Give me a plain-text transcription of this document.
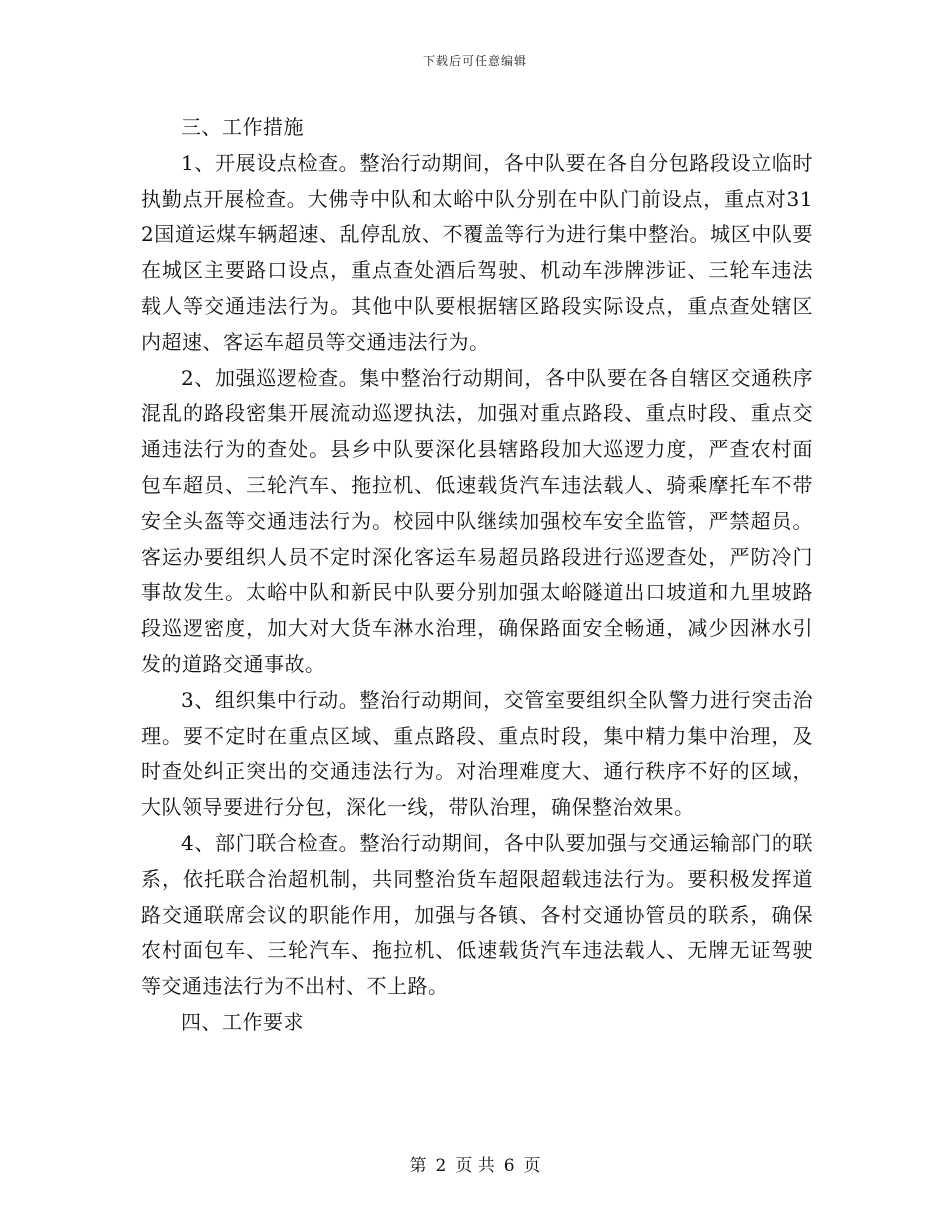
下载后可任意编辑

三、工作措施

1、开展设点检查。整治行动期间，各中队要在各自分包路段设立临时执勤点开展检查。大佛寺中队和太峪中队分别在中队门前设点，重点对312国道运煤车辆超速、乱停乱放、不覆盖等行为进行集中整治。城区中队要在城区主要路口设点，重点查处酒后驾驶、机动车涉牌涉证、三轮车违法载人等交通违法行为。其他中队要根据辖区路段实际设点，重点查处辖区内超速、客运车超员等交通违法行为。

2、加强巡逻检查。集中整治行动期间，各中队要在各自辖区交通秩序混乱的路段密集开展流动巡逻执法，加强对重点路段、重点时段、重点交通违法行为的查处。县乡中队要深化县辖路段加大巡逻力度，严查农村面包车超员、三轮汽车、拖拉机、低速载货汽车违法载人、骑乘摩托车不带安全头盔等交通违法行为。校园中队继续加强校车安全监管，严禁超员。客运办要组织人员不定时深化客运车易超员路段进行巡逻查处，严防冷门事故发生。太峪中队和新民中队要分别加强太峪隧道出口坡道和九里坡路段巡逻密度，加大对大货车淋水治理，确保路面安全畅通，减少因淋水引发的道路交通事故。

3、组织集中行动。整治行动期间，交管室要组织全队警力进行突击治理。要不定时在重点区域、重点路段、重点时段，集中精力集中治理，及时查处纠正突出的交通违法行为。对治理难度大、通行秩序不好的区域，大队领导要进行分包，深化一线，带队治理，确保整治效果。

4、部门联合检查。整治行动期间，各中队要加强与交通运输部门的联系，依托联合治超机制，共同整治货车超限超载违法行为。要积极发挥道路交通联席会议的职能作用，加强与各镇、各村交通协管员的联系，确保农村面包车、三轮汽车、拖拉机、低速载货汽车违法载人、无牌无证驾驶等交通违法行为不出村、不上路。

四、工作要求

第 2 页 共 6 页
